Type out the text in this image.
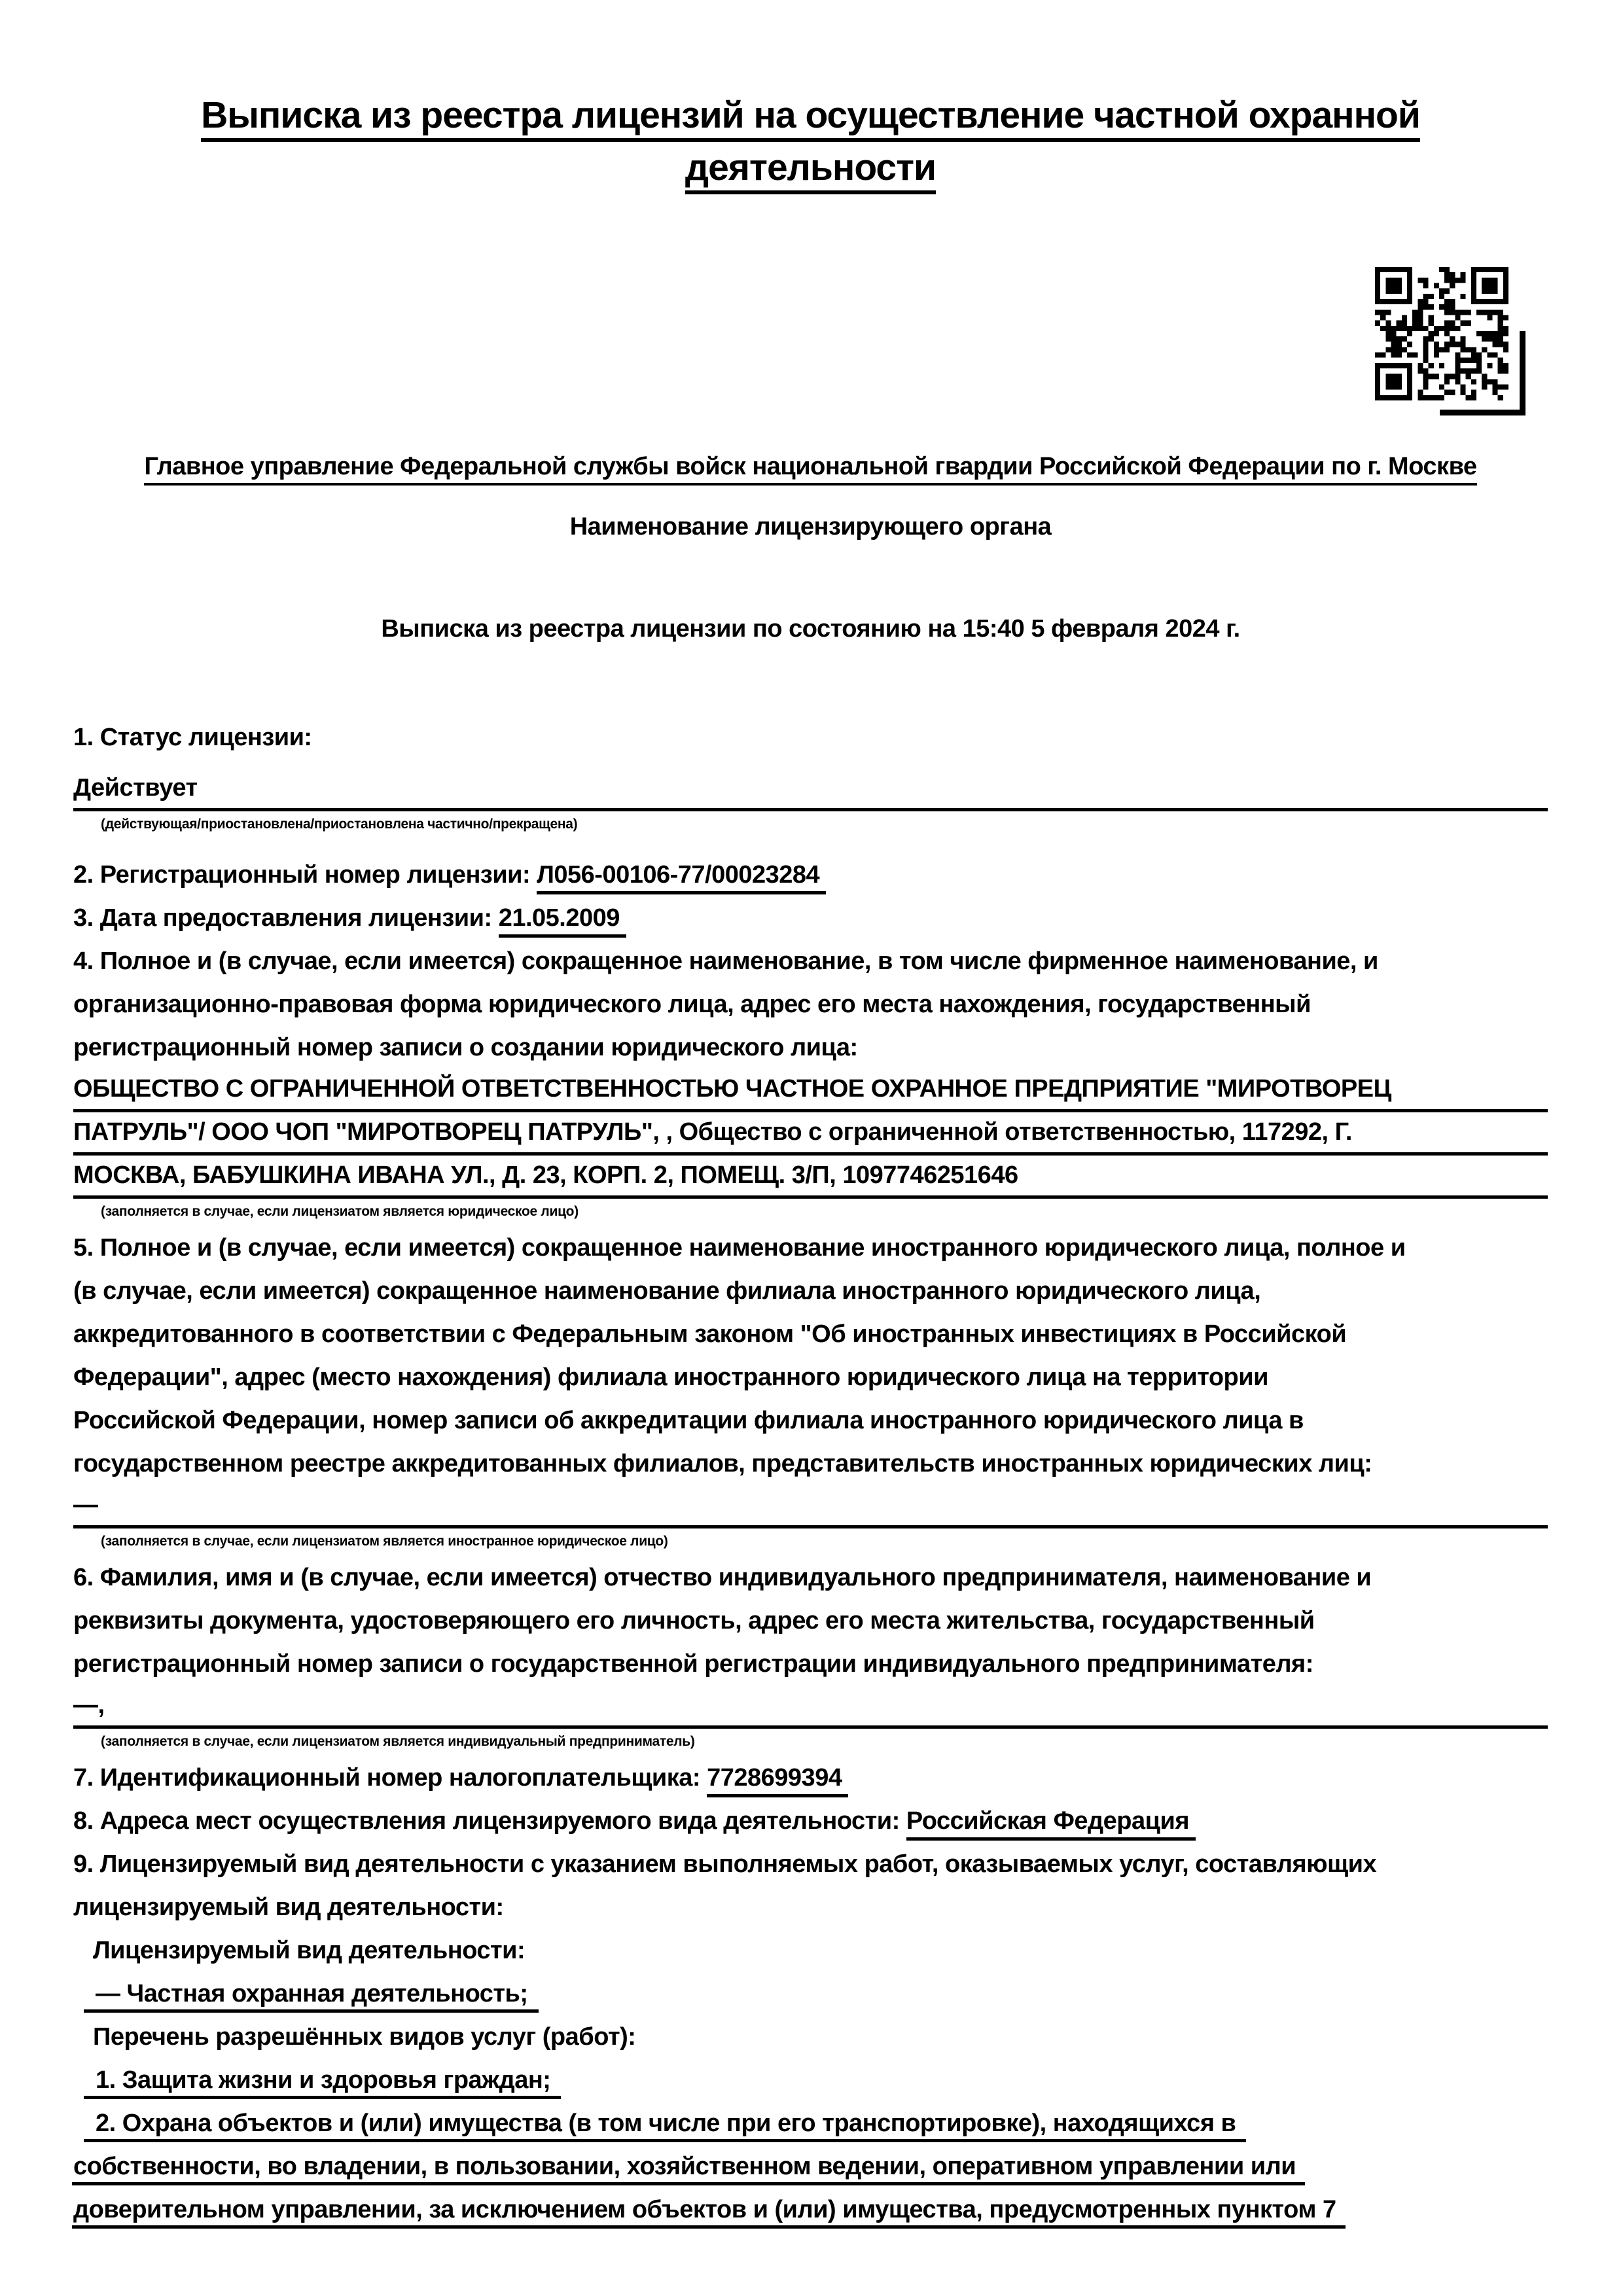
Выписка из реестра лицензий на осуществление частной охранной
деятельности
Главное управление Федеральной службы войск национальной гвардии Российской Федерации по г. Москве
Наименование лицензирующего органа
Выписка из реестра лицензии по состоянию на 15:40 5 февраля 2024 г.
1. Статус лицензии:
Действует
(действующая/приостановлена/приостановлена частично/прекращена)
2. Регистрационный номер лицензии: Л056-00106-77/00023284
3. Дата предоставления лицензии: 21.05.2009
4. Полное и (в случае, если имеется) сокращенное наименование, в том числе фирменное наименование, и
организационно-правовая форма юридического лица, адрес его места нахождения, государственный
регистрационный номер записи о создании юридического лица:
ОБЩЕСТВО С ОГРАНИЧЕННОЙ ОТВЕТСТВЕННОСТЬЮ ЧАСТНОЕ ОХРАННОЕ ПРЕДПРИЯТИЕ "МИРОТВОРЕЦ
ПАТРУЛЬ"/ ООО ЧОП "МИРОТВОРЕЦ ПАТРУЛЬ", , Общество с ограниченной ответственностью, 117292, Г.
МОСКВА, БАБУШКИНА ИВАНА УЛ., Д. 23, КОРП. 2, ПОМЕЩ. 3/П, 1097746251646
(заполняется в случае, если лицензиатом является юридическое лицо)
5. Полное и (в случае, если имеется) сокращенное наименование иностранного юридического лица, полное и
(в случае, если имеется) сокращенное наименование филиала иностранного юридического лица,
аккредитованного в соответствии с Федеральным законом "Об иностранных инвестициях в Российской
Федерации", адрес (место нахождения) филиала иностранного юридического лица на территории
Российской Федерации, номер записи об аккредитации филиала иностранного юридического лица в
государственном реестре аккредитованных филиалов, представительств иностранных юридических лиц:
—
(заполняется в случае, если лицензиатом является иностранное юридическое лицо)
6. Фамилия, имя и (в случае, если имеется) отчество индивидуального предпринимателя, наименование и
реквизиты документа, удостоверяющего его личность, адрес его места жительства, государственный
регистрационный номер записи о государственной регистрации индивидуального предпринимателя:
—,
(заполняется в случае, если лицензиатом является индивидуальный предприниматель)
7. Идентификационный номер налогоплательщика: 7728699394
8. Адреса мест осуществления лицензируемого вида деятельности: Российская Федерация
9. Лицензируемый вид деятельности с указанием выполняемых работ, оказываемых услуг, составляющих
лицензируемый вид деятельности:
Лицензируемый вид деятельности:
— Частная охранная деятельность;
Перечень разрешённых видов услуг (работ):
1. Защита жизни и здоровья граждан;
2. Охрана объектов и (или) имущества (в том числе при его транспортировке), находящихся в
собственности, во владении, в пользовании, хозяйственном ведении, оперативном управлении или
доверительном управлении, за исключением объектов и (или) имущества, предусмотренных пунктом 7
